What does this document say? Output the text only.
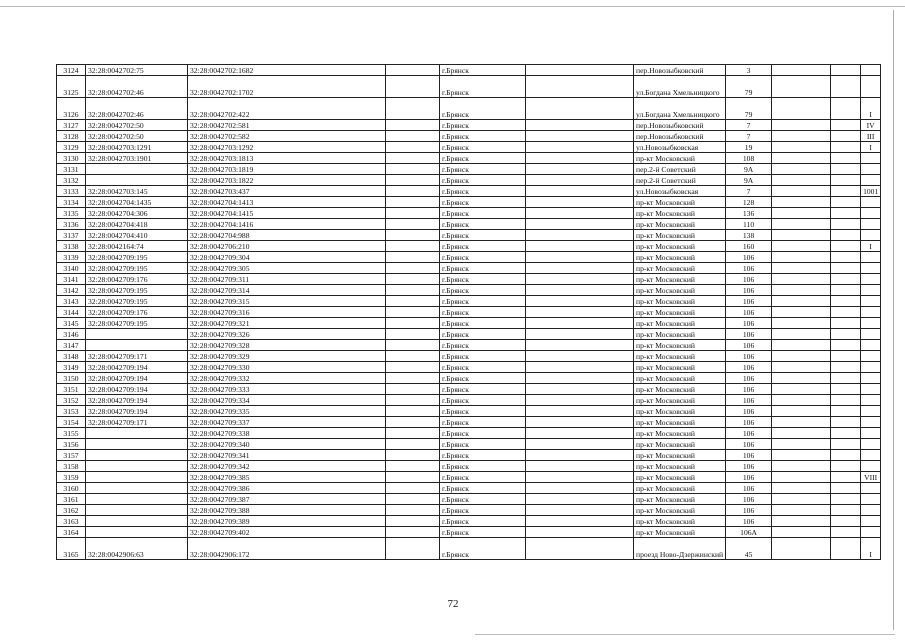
3124	32:28:0042702:75	32:28:0042702:1682		г.Брянск		пер.Новозыбковский	3			
3125	32:28:0042702:46	32:28:0042702:1702		г.Брянск		ул.Богдана Хмельницкого	79			
3126	32:28:0042702:46	32:28:0042702:422		г.Брянск		ул.Богдана Хмельницкого	79			I
3127	32:28:0042702:50	32:28:0042702:581		г.Брянск		пер.Новозыбковский	7			IV
3128	32:28:0042702:50	32:28:0042702:582		г.Брянск		пер.Новозыбковский	7			III
3129	32:28:0042703:1291	32:28:0042703:1292		г.Брянск		ул.Новозыбковская	19			I
3130	32:28:0042703:1901	32:28:0042703:1813		г.Брянск		пр-кт Московский	108			
3131		32:28:0042703:1819		г.Брянск		пер.2-й Советский	9А			
3132		32:28:0042703:1822		г.Брянск		пер.2-й Советский	9А			
3133	32:28:0042703:145	32:28:0042703:437		г.Брянск		ул.Новозыбковская	7			1001
3134	32:28:0042704:1435	32:28:0042704:1413		г.Брянск		пр-кт Московский	128			
3135	32:28:0042704:306	32:28:0042704:1415		г.Брянск		пр-кт Московский	136			
3136	32:28:0042704:418	32:28:0042704:1416		г.Брянск		пр-кт Московский	110			
3137	32:28:0042704:410	32:28:0042704:988		г.Брянск		пр-кт Московский	138			
3138	32:28:0042164:74	32:28:0042706:210		г.Брянск		пр-кт Московский	160			I
3139	32:28:0042709:195	32:28:0042709:304		г.Брянск		пр-кт Московский	106			
3140	32:28:0042709:195	32:28:0042709:305		г.Брянск		пр-кт Московский	106			
3141	32:28:0042709:176	32:28:0042709:311		г.Брянск		пр-кт Московский	106			
3142	32:28:0042709:195	32:28:0042709:314		г.Брянск		пр-кт Московский	106			
3143	32:28:0042709:195	32:28:0042709:315		г.Брянск		пр-кт Московский	106			
3144	32:28:0042709:176	32:28:0042709:316		г.Брянск		пр-кт Московский	106			
3145	32:28:0042709:195	32:28:0042709:321		г.Брянск		пр-кт Московский	106			
3146		32:28:0042709:326		г.Брянск		пр-кт Московский	106			
3147		32:28:0042709:328		г.Брянск		пр-кт Московский	106			
3148	32:28:0042709:171	32:28:0042709:329		г.Брянск		пр-кт Московский	106			
3149	32:28:0042709:194	32:28:0042709:330		г.Брянск		пр-кт Московский	106			
3150	32:28:0042709:194	32:28:0042709:332		г.Брянск		пр-кт Московский	106			
3151	32:28:0042709:194	32:28:0042709:333		г.Брянск		пр-кт Московский	106			
3152	32:28:0042709:194	32:28:0042709:334		г.Брянск		пр-кт Московский	106			
3153	32:28:0042709:194	32:28:0042709:335		г.Брянск		пр-кт Московский	106			
3154	32:28:0042709:171	32:28:0042709:337		г.Брянск		пр-кт Московский	106			
3155		32:28:0042709:338		г.Брянск		пр-кт Московский	106			
3156		32:28:0042709:340		г.Брянск		пр-кт Московский	106			
3157		32:28:0042709:341		г.Брянск		пр-кт Московский	106			
3158		32:28:0042709:342		г.Брянск		пр-кт Московский	106			
3159		32:28:0042709:385		г.Брянск		пр-кт Московский	106			VIII
3160		32:28:0042709:386		г.Брянск		пр-кт Московский	106			
3161		32:28:0042709:387		г.Брянск		пр-кт Московский	106			
3162		32:28:0042709:388		г.Брянск		пр-кт Московский	106			
3163		32:28:0042709:389		г.Брянск		пр-кт Московский	106			
3164		32:28:0042709:402		г.Брянск		пр-кт Московский	106А			
3165	32:28:0042906:63	32:28:0042906:172		г.Брянск		проезд Ново-Дзержинский	45			I
72
